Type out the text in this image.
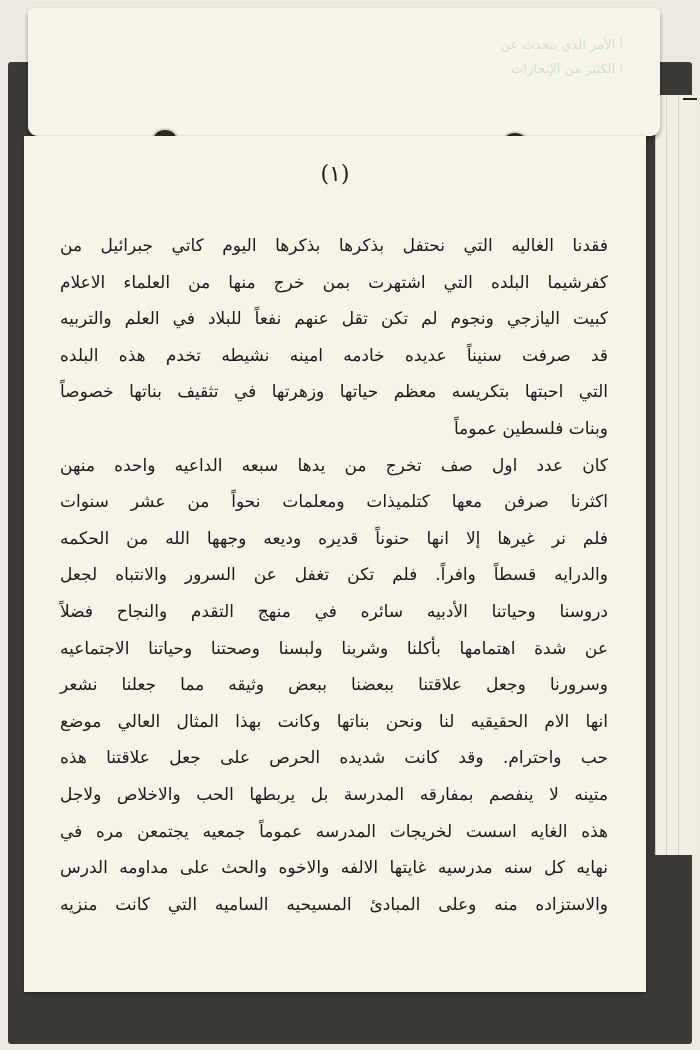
أ الأمر الذي يتحدث عن
ا الكثير من الإنجازات
(١)
فقدنا الغاليه التي نحتفل بذكرها بذكرها اليوم كاتي جبرائيل من
كفرشيما البلده التي اشتهرت بمن خرج منها من العلماء الاعلام
كبيت اليازجي ونجوم لم تكن تقل عنهم نفعاً للبلاد في العلم والتربيه
قد صرفت سنيناً عديده خادمه امينه نشيطه تخدم هذه البلده
التي احبتها بتكريسه معظم حياتها وزهرتها في تثقيف بناتها خصوصاً
وبنات فلسطين عموماً
كان عدد اول صف تخرج من يدها سبعه الداعيه واحده منهن
اكثرنا صرفن معها كتلميذات ومعلمات نحواً من عشر سنوات
فلم نر غيرها إلا انها حنوناً قديره وديعه وجهها الله من الحكمه
والدرايه قسطاً وافراً. فلم تكن تغفل عن السرور والانتباه لجعل
دروسنا وحياتنا الأدبيه سائره في منهج التقدم والنجاح فضلاً
عن شدة اهتمامها بأكلنا وشربنا ولبسنا وصحتنا وحياتنا الاجتماعيه
وسرورنا وجعل علاقتنا ببعضنا ببعض وثيقه مما جعلنا نشعر
انها الام الحقيقيه لنا ونحن بناتها وكانت بهذا المثال العالي موضع
حب واحترام. وقد كانت شديده الحرص على جعل علاقتنا هذه
متينه لا ينفصم بمفارقه المدرسة بل يربطها الحب والاخلاص ولاجل
هذه الغايه اسست لخريجات المدرسه عموماً جمعيه يجتمعن مره في
نهايه كل سنه مدرسيه غايتها الالفه والاخوه والحث على مداومه الدرس
والاستزاده منه وعلى المبادئ المسيحيه الساميه التي كانت منزيه
